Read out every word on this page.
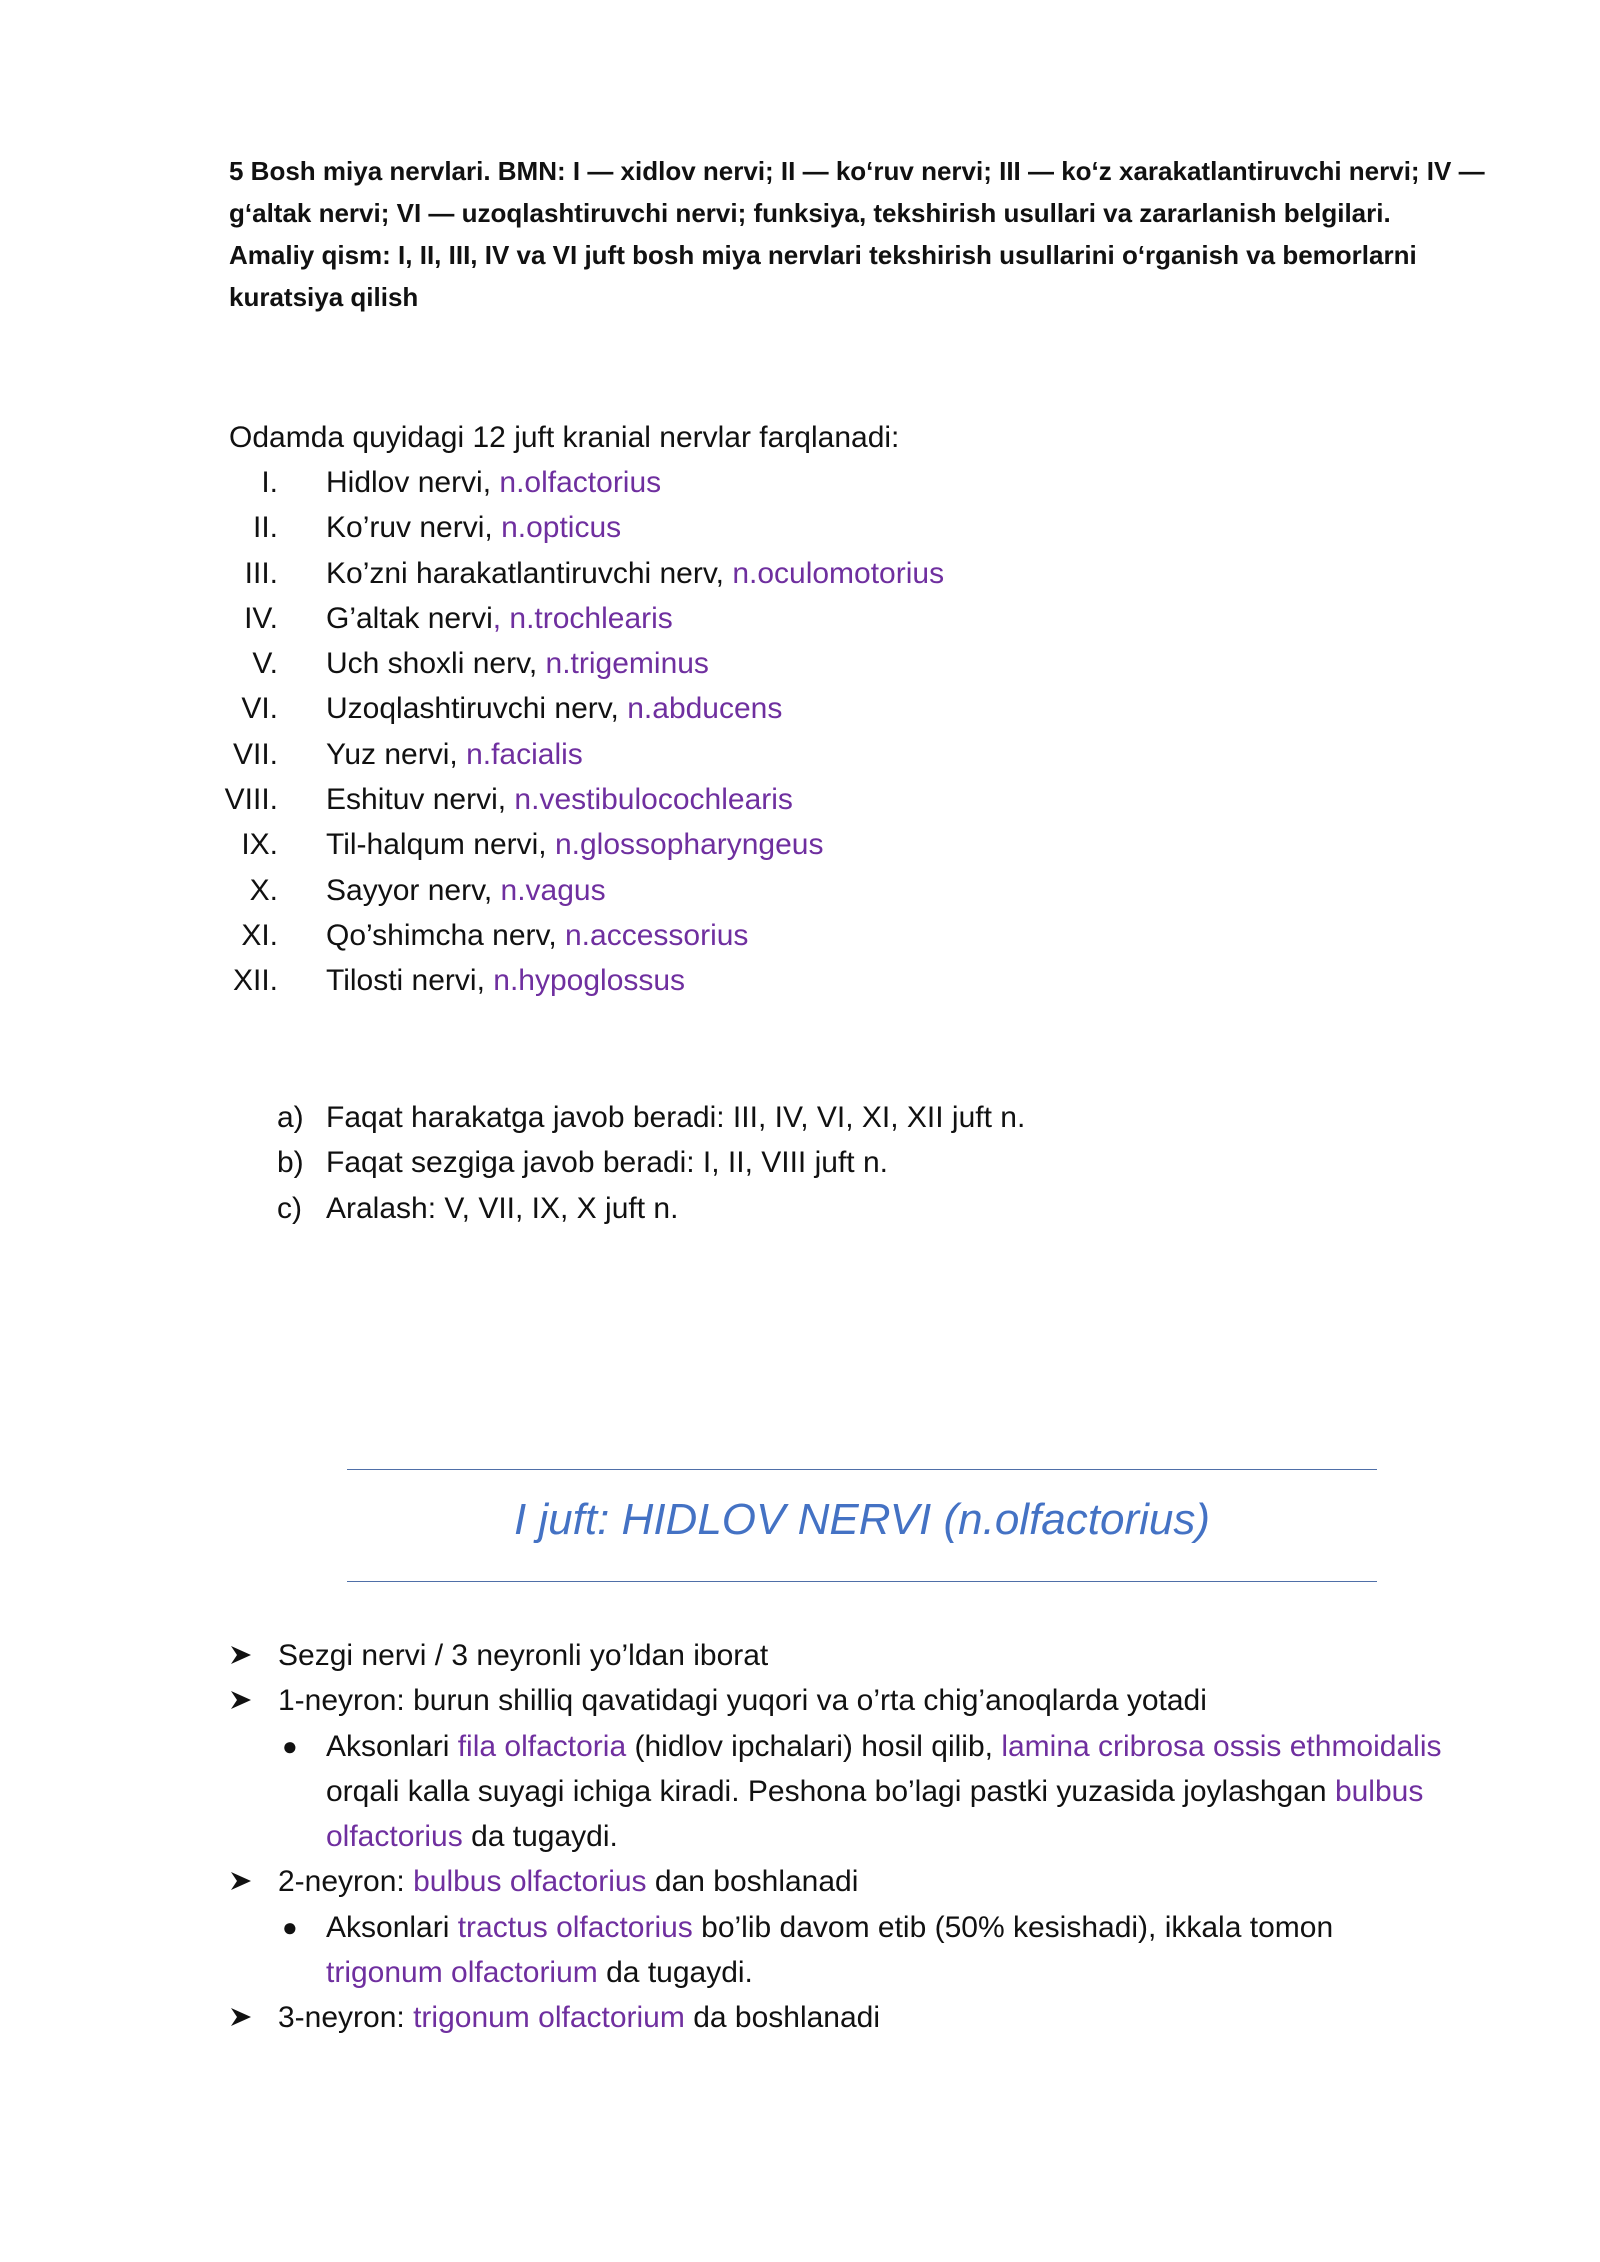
5 Bosh miya nervlari. BMN: I — xidlov nervi; II — ko‘ruv nervi; III — ko‘z xarakatlantiruvchi nervi; IV — g‘altak nervi; VI — uzoqlashtiruvchi nervi; funksiya, tekshirish usullari va zararlanish belgilari.

Amaliy qism: I, II, III, IV va VI juft bosh miya nervlari tekshirish usullarini o‘rganish va bemorlarni kuratsiya qilish

Odamda quyidagi 12 juft kranial nervlar farqlanadi:
I. Hidlov nervi, n.olfactorius
II. Ko’ruv nervi, n.opticus
III. Ko’zni harakatlantiruvchi nerv, n.oculomotorius
IV. G’altak nervi, n.trochlearis
V. Uch shoxli nerv, n.trigeminus
VI. Uzoqlashtiruvchi nerv, n.abducens
VII. Yuz nervi, n.facialis
VIII. Eshituv nervi, n.vestibulocochlearis
IX. Til-halqum nervi, n.glossopharyngeus
X. Sayyor nerv, n.vagus
XI. Qo’shimcha nerv, n.accessorius
XII. Tilosti nervi, n.hypoglossus
a) Faqat harakatga javob beradi: III, IV, VI, XI, XII juft n.
b) Faqat sezgiga javob beradi: I, II, VIII juft n.
c) Aralash: V, VII, IX, X juft n.
I juft: HIDLOV NERVI (n.olfactorius)
Sezgi nervi / 3 neyronli yo’ldan iborat
1-neyron: burun shilliq qavatidagi yuqori va o’rta chig’anoqlarda yotadi
● Aksonlari fila olfactoria (hidlov ipchalari) hosil qilib, lamina cribrosa ossis ethmoidalis orqali kalla suyagi ichiga kiradi. Peshona bo’lagi pastki yuzasida joylashgan bulbus olfactorius da tugaydi.
2-neyron: bulbus olfactorius dan boshlanadi
● Aksonlari tractus olfactorius bo’lib davom etib (50% kesishadi), ikkala tomon trigonum olfactorium da tugaydi.
3-neyron: trigonum olfactorium da boshlanadi
